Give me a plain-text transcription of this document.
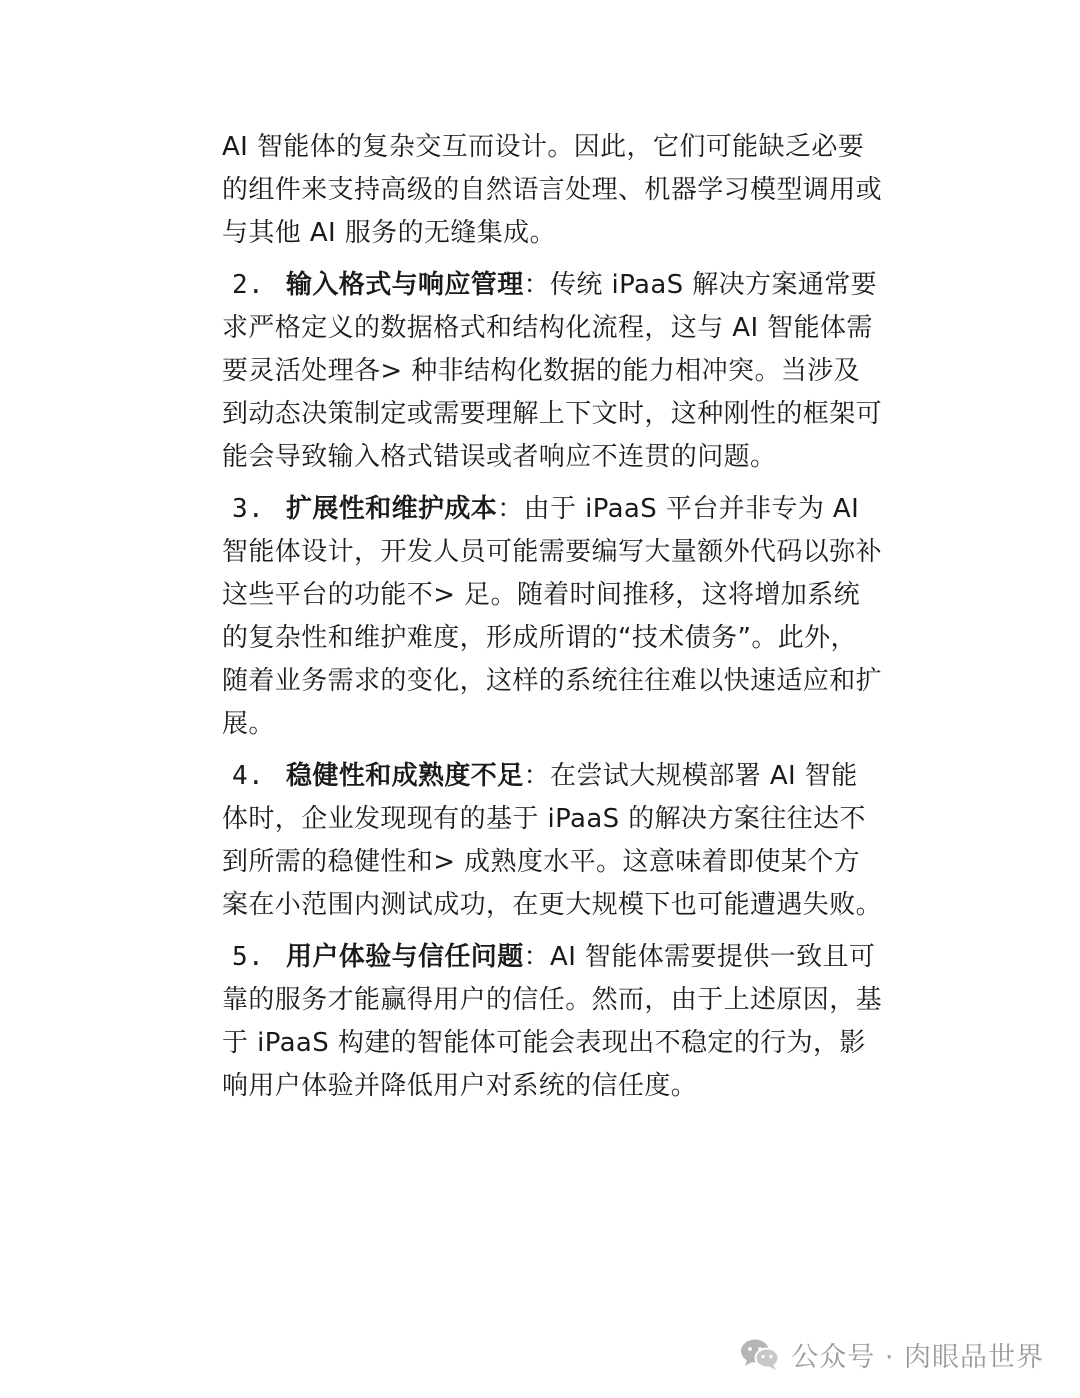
AI 智能体的复杂交互而设计。因此，它们可能缺乏必要的组件来支持高级的自然语言处理、机器学习模型调用或与其他 AI 服务的无缝集成。

2. 输入格式与响应管理：传统 iPaaS 解决方案通常要求严格定义的数据格式和结构化流程，这与 AI 智能体需要灵活处理各> 种非结构化数据的能力相冲突。当涉及到动态决策制定或需要理解上下文时，这种刚性的框架可能会导致输入格式错误或者响应不连贯的问题。

3. 扩展性和维护成本：由于 iPaaS 平台并非专为 AI 智能体设计，开发人员可能需要编写大量额外代码以弥补这些平台的功能不> 足。随着时间推移，这将增加系统的复杂性和维护难度，形成所谓的“技术债务”。此外，随着业务需求的变化，这样的系统往往难以快速适应和扩展。

4. 稳健性和成熟度不足：在尝试大规模部署 AI 智能体时，企业发现现有的基于 iPaaS 的解决方案往往达不到所需的稳健性和> 成熟度水平。这意味着即使某个方案在小范围内测试成功，在更大规模下也可能遭遇失败。

5. 用户体验与信任问题：AI 智能体需要提供一致且可靠的服务才能赢得用户的信任。然而，由于上述原因，基于 iPaaS 构建的智能体可能会表现出不稳定的行为，影响用户体验并降低用户对系统的信任度。

公众号 · 肉眼品世界
